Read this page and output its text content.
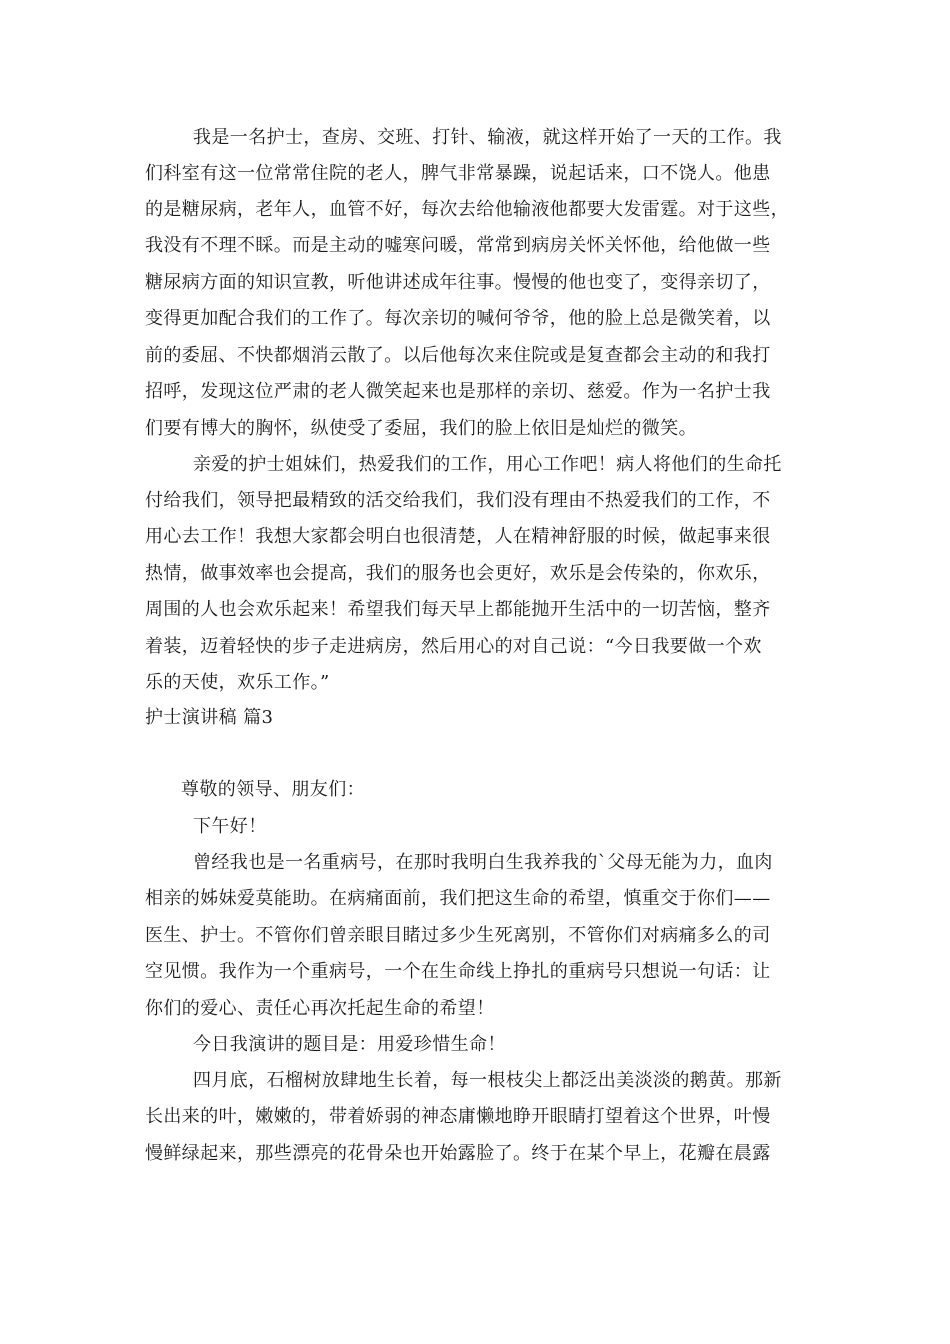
我是一名护士，查房、交班、打针、输液，就这样开始了一天的工作。我
们科室有这一位常常住院的老人，脾气非常暴躁，说起话来，口不饶人。他患
的是糖尿病，老年人，血管不好，每次去给他输液他都要大发雷霆。对于这些，
我没有不理不睬。而是主动的嘘寒问暖，常常到病房关怀关怀他，给他做一些
糖尿病方面的知识宣教，听他讲述成年往事。慢慢的他也变了，变得亲切了，
变得更加配合我们的工作了。每次亲切的喊何爷爷，他的脸上总是微笑着，以
前的委屈、不快都烟消云散了。以后他每次来住院或是复查都会主动的和我打
招呼，发现这位严肃的老人微笑起来也是那样的亲切、慈爱。作为一名护士我
们要有博大的胸怀，纵使受了委屈，我们的脸上依旧是灿烂的微笑。
亲爱的护士姐妹们，热爱我们的工作，用心工作吧！病人将他们的生命托
付给我们，领导把最精致的活交给我们，我们没有理由不热爱我们的工作，不
用心去工作！我想大家都会明白也很清楚，人在精神舒服的时候，做起事来很
热情，做事效率也会提高，我们的服务也会更好，欢乐是会传染的，你欢乐，
周围的人也会欢乐起来！希望我们每天早上都能抛开生活中的一切苦恼，整齐
着装，迈着轻快的步子走进病房，然后用心的对自己说：“今日我要做一个欢
乐的天使，欢乐工作。”
护士演讲稿 篇3
尊敬的领导、朋友们：
下午好！
曾经我也是一名重病号，在那时我明白生我养我的`父母无能为力，血肉
相亲的姊妹爱莫能助。在病痛面前，我们把这生命的希望，慎重交于你们——
医生、护士。不管你们曾亲眼目睹过多少生死离别，不管你们对病痛多么的司
空见惯。我作为一个重病号，一个在生命线上挣扎的重病号只想说一句话：让
你们的爱心、责任心再次托起生命的希望！
今日我演讲的题目是：用爱珍惜生命！
四月底，石榴树放肆地生长着，每一根枝尖上都泛出美淡淡的鹅黄。那新
长出来的叶，嫩嫩的，带着娇弱的神态庸懒地睁开眼睛打望着这个世界，叶慢
慢鲜绿起来，那些漂亮的花骨朵也开始露脸了。终于在某个早上，花瓣在晨露
